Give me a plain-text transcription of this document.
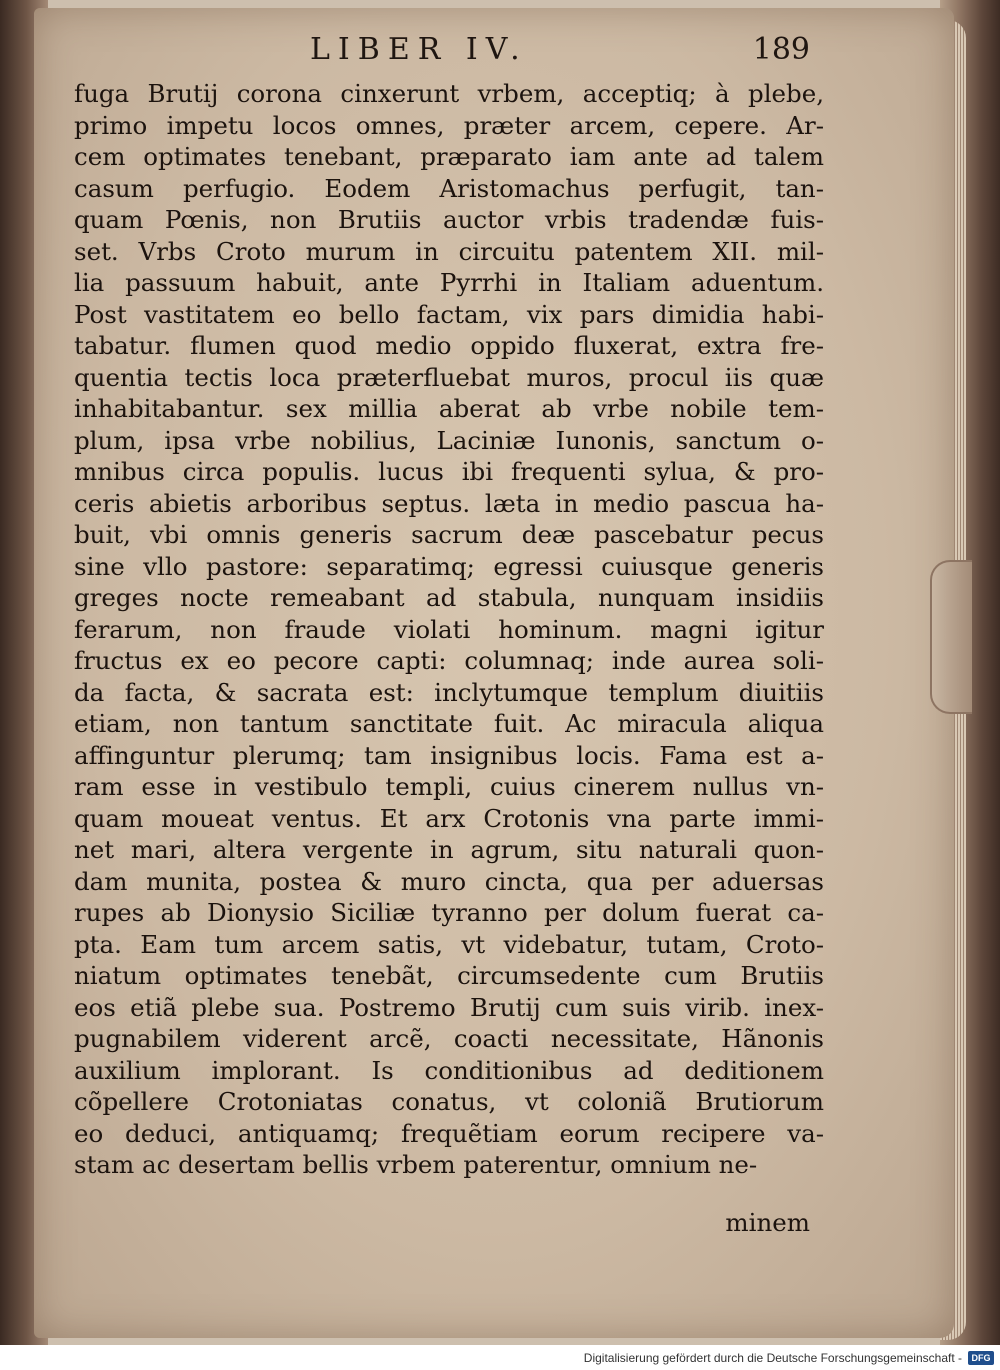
LIBER IV.	189
fuga Brutij corona cinxerunt vrbem, acceptiq; à plebe,
primo impetu locos omnes, præter arcem, cepere. Ar-
cem optimates tenebant, præparato iam ante ad talem
casum perfugio. Eodem Aristomachus perfugit, tan-
quam Pœnis, non Brutiis auctor vrbis tradendæ fuis-
set. Vrbs Croto murum in circuitu patentem XII. mil-
lia passuum habuit, ante Pyrrhi in Italiam aduentum.
Post vastitatem eo bello factam, vix pars dimidia habi-
tabatur. flumen quod medio oppido fluxerat, extra fre-
quentia tectis loca præterfluebat muros, procul iis quæ
inhabitabantur. sex millia aberat ab vrbe nobile tem-
plum, ipsa vrbe nobilius, Laciniæ Iunonis, sanctum o-
mnibus circa populis. lucus ibi frequenti sylua, & pro-
ceris abietis arboribus septus. læta in medio pascua ha-
buit, vbi omnis generis sacrum deæ pascebatur pecus
sine vllo pastore: separatimq; egressi cuiusque generis
greges nocte remeabant ad stabula, nunquam insidiis
ferarum, non fraude violati hominum. magni igitur
fructus ex eo pecore capti: columnaq; inde aurea soli-
da facta, & sacrata est: inclytumque templum diuitiis
etiam, non tantum sanctitate fuit. Ac miracula aliqua
affinguntur plerumq; tam insignibus locis. Fama est a-
ram esse in vestibulo templi, cuius cinerem nullus vn-
quam moueat ventus. Et arx Crotonis vna parte immi-
net mari, altera vergente in agrum, situ naturali quon-
dam munita, postea & muro cincta, qua per aduersas
rupes ab Dionysio Siciliæ tyranno per dolum fuerat ca-
pta. Eam tum arcem satis, vt videbatur, tutam, Croto-
niatum optimates tenebãt, circumsedente cum Brutiis
eos etiã plebe sua. Postremo Brutij cum suis virib. inex-
pugnabilem viderent arcẽ, coacti necessitate, Hãnonis
auxilium implorant. Is conditionibus ad deditionem
cõpellere Crotoniatas conatus, vt coloniã Brutiorum
eo deduci, antiquamq; frequẽtiam eorum recipere va-
stam ac desertam bellis vrbem paterentur, omnium ne-
minem
Digitalisierung gefördert durch die Deutsche Forschungsgemeinschaft -	DFG
